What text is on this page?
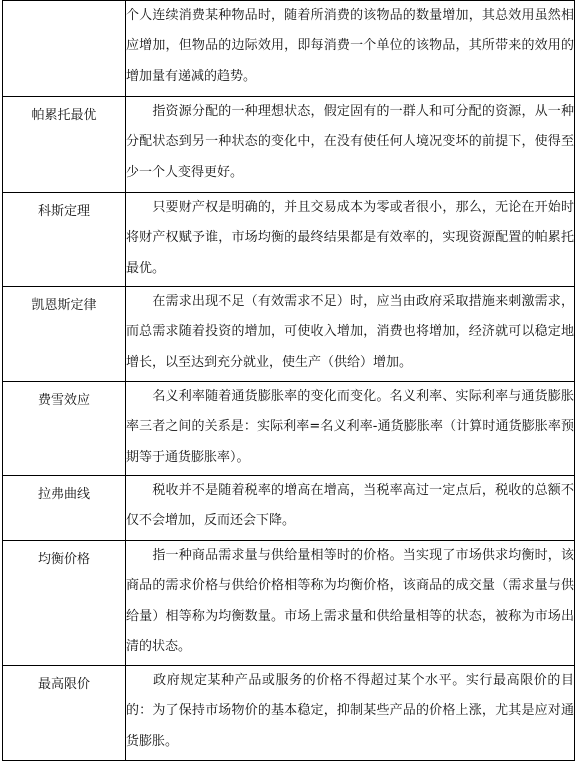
	个人连续消费某种物品时，随着所消费的该物品的数量增加，其总效用虽然相应增加，但物品的边际效用，即每消费一个单位的该物品，其所带来的效用的增加量有递减的趋势。

帕累托最优	　　指资源分配的一种理想状态，假定固有的一群人和可分配的资源，从一种分配状态到另一种状态的变化中，在没有使任何人境况变坏的前提下，使得至少一个人变得更好。

科斯定理	　　只要财产权是明确的，并且交易成本为零或者很小，那么，无论在开始时将财产权赋予谁，市场均衡的最终结果都是有效率的，实现资源配置的帕累托最优。

凯恩斯定律	　　在需求出现不足（有效需求不足）时，应当由政府采取措施来刺激需求，而总需求随着投资的增加，可使收入增加，消费也将增加，经济就可以稳定地增长，以至达到充分就业，使生产（供给）增加。

费雪效应	　　名义利率随着通货膨胀率的变化而变化。名义利率、实际利率与通货膨胀率三者之间的关系是：实际利率=名义利率-通货膨胀率（计算时通货膨胀率预期等于通货膨胀率）。

拉弗曲线	　　税收并不是随着税率的增高在增高，当税率高过一定点后，税收的总额不仅不会增加，反而还会下降。

均衡价格	　　指一种商品需求量与供给量相等时的价格。当实现了市场供求均衡时，该商品的需求价格与供给价格相等称为均衡价格，该商品的成交量（需求量与供给量）相等称为均衡数量。市场上需求量和供给量相等的状态，被称为市场出清的状态。

最高限价	　　政府规定某种产品或服务的价格不得超过某个水平。实行最高限价的目的：为了保持市场物价的基本稳定，抑制某些产品的价格上涨，尤其是应对通货膨胀。
